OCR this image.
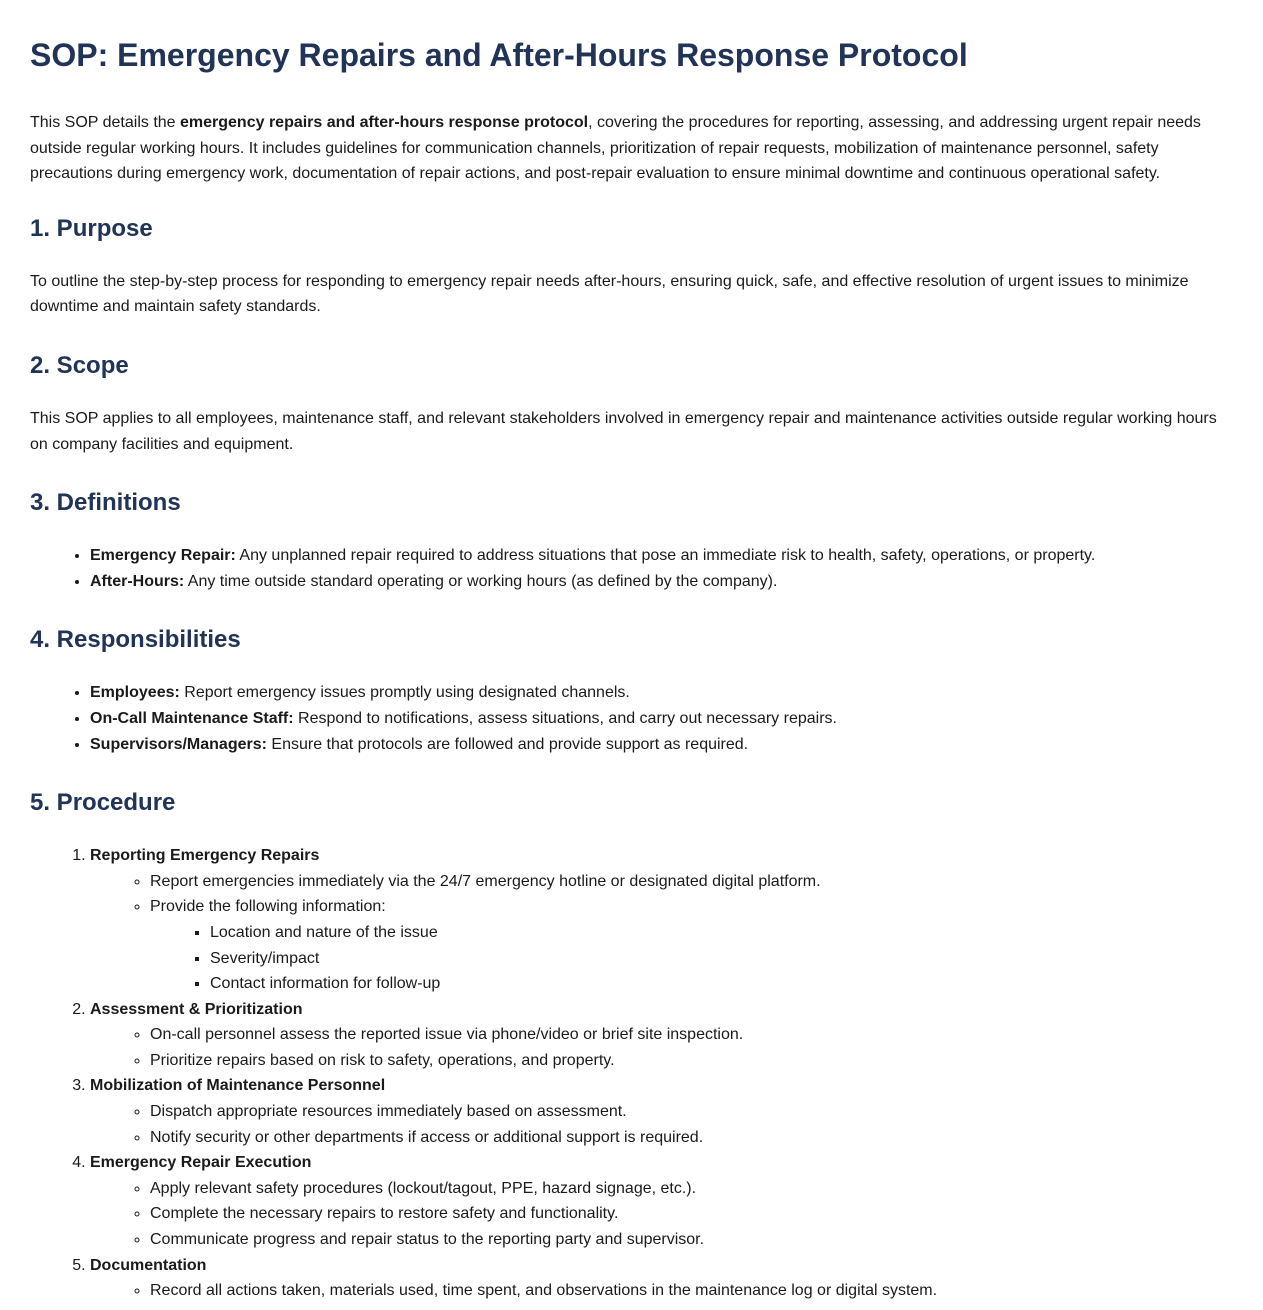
SOP: Emergency Repairs and After-Hours Response Protocol

This SOP details the emergency repairs and after-hours response protocol, covering the procedures for reporting, assessing, and addressing urgent repair needs outside regular working hours. It includes guidelines for communication channels, prioritization of repair requests, mobilization of maintenance personnel, safety precautions during emergency work, documentation of repair actions, and post-repair evaluation to ensure minimal downtime and continuous operational safety.

1. Purpose

To outline the step-by-step process for responding to emergency repair needs after-hours, ensuring quick, safe, and effective resolution of urgent issues to minimize downtime and maintain safety standards.

2. Scope

This SOP applies to all employees, maintenance staff, and relevant stakeholders involved in emergency repair and maintenance activities outside regular working hours on company facilities and equipment.

3. Definitions
• Emergency Repair: Any unplanned repair required to address situations that pose an immediate risk to health, safety, operations, or property.
• After-Hours: Any time outside standard operating or working hours (as defined by the company).
4. Responsibilities
• Employees: Report emergency issues promptly using designated channels.
• On-Call Maintenance Staff: Respond to notifications, assess situations, and carry out necessary repairs.
• Supervisors/Managers: Ensure that protocols are followed and provide support as required.
5. Procedure
1. Reporting Emergency Repairs
◦ Report emergencies immediately via the 24/7 emergency hotline or designated digital platform.
◦ Provide the following information:
▪ Location and nature of the issue
▪ Severity/impact
▪ Contact information for follow-up
2. Assessment & Prioritization
◦ On-call personnel assess the reported issue via phone/video or brief site inspection.
◦ Prioritize repairs based on risk to safety, operations, and property.
3. Mobilization of Maintenance Personnel
◦ Dispatch appropriate resources immediately based on assessment.
◦ Notify security or other departments if access or additional support is required.
4. Emergency Repair Execution
◦ Apply relevant safety procedures (lockout/tagout, PPE, hazard signage, etc.).
◦ Complete the necessary repairs to restore safety and functionality.
◦ Communicate progress and repair status to the reporting party and supervisor.
5. Documentation
◦ Record all actions taken, materials used, time spent, and observations in the maintenance log or digital system.
